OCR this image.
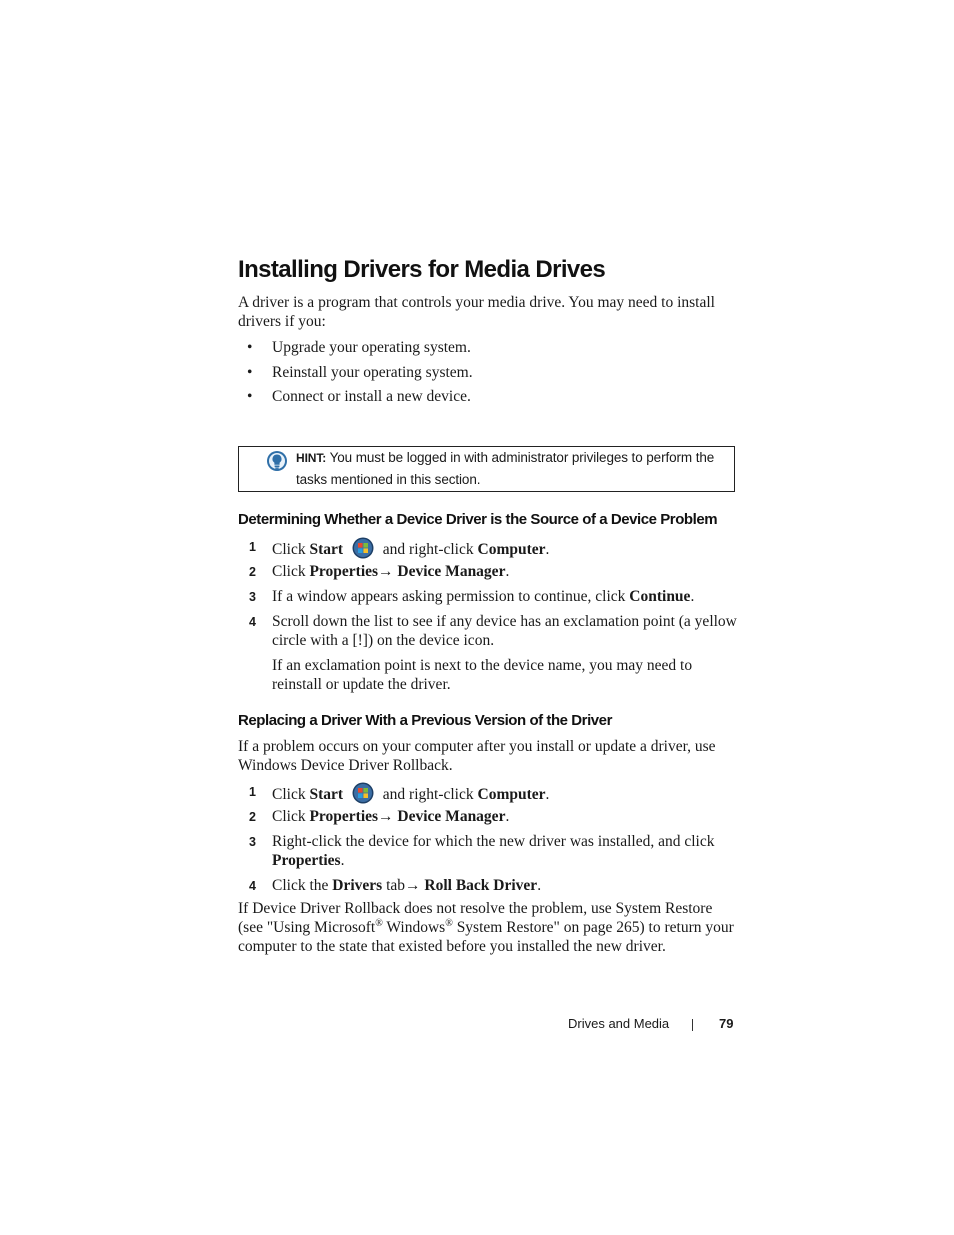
Installing Drivers for Media Drives

A driver is a program that controls your media drive. You may need to install drivers if you:

• Upgrade your operating system.
• Reinstall your operating system.
• Connect or install a new device.
HINT: You must be logged in with administrator privileges to perform the tasks mentioned in this section.
Determining Whether a Device Driver is the Source of a Device Problem
1 Click Start	and right-click Computer.
2 Click Properties→ Device Manager.
3 If a window appears asking permission to continue, click Continue.
4 Scroll down the list to see if any device has an exclamation point (a yellow circle with a [!]) on the device icon.
If an exclamation point is next to the device name, you may need to reinstall or update the driver.
Replacing a Driver With a Previous Version of the Driver

If a problem occurs on your computer after you install or update a driver, use Windows Device Driver Rollback.

1 Click Start	and right-click Computer.
2 Click Properties→ Device Manager.
3 Right-click the device for which the new driver was installed, and click Properties.
4 Click the Drivers tab→ Roll Back Driver.

If Device Driver Rollback does not resolve the problem, use System Restore (see "Using Microsoft® Windows® System Restore" on page 265) to return your computer to the state that existed before you installed the new driver.

Drives and Media	79
